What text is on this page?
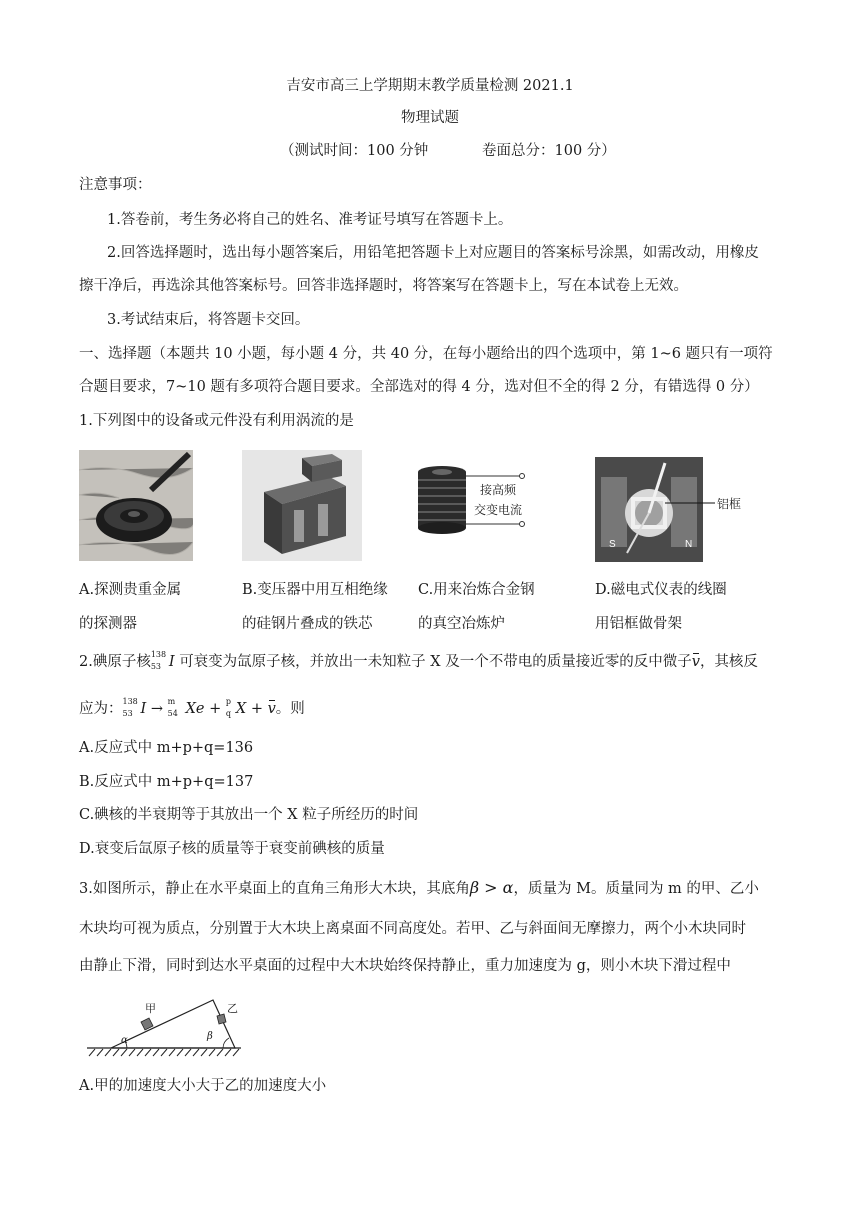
吉安市高三上学期期末教学质量检测 2021.1
物理试题
（测试时间：100 分钟	卷面总分：100 分）
注意事项：
1.答卷前，考生务必将自己的姓名、准考证号填写在答题卡上。
2.回答选择题时，选出每小题答案后，用铅笔把答题卡上对应题目的答案标号涂黑，如需改动，用橡皮
擦干净后，再选涂其他答案标号。回答非选择题时，将答案写在答题卡上，写在本试卷上无效。
3.考试结束后，将答题卡交回。
一、选择题（本题共 10 小题，每小题 4 分，共 40 分，在每小题给出的四个选项中，第 1~6 题只有一项符
合题目要求，7~10 题有多项符合题目要求。全部选对的得 4 分，选对但不全的得 2 分，有错选得 0 分）
1.下列图中的设备或元件没有利用涡流的是
接高频
交变电流
S	N
铝框
A.探测贵重金属
的探测器
B.变压器中用互相绝缘
的硅钢片叠成的铁芯
C.用来冶炼合金钢
的真空冶炼炉
D.磁电式仪表的线圈
用铝框做骨架
2.碘原子核 138
53 I 可衰变为氙原子核，并放出一未知粒子 X 及一个不带电的质量接近零的反中微子v，其核反
应为： 138
53 I → m
54 Xe + p
q X + v。则
A.反应式中 m+p+q=136
B.反应式中 m+p+q=137
C.碘核的半衰期等于其放出一个 X 粒子所经历的时间
D.衰变后氙原子核的质量等于衰变前碘核的质量
3.如图所示，静止在水平桌面上的直角三角形大木块，其底角β > α，质量为 M。质量同为 m 的甲、乙小
木块均可视为质点，分别置于大木块上离桌面不同高度处。若甲、乙与斜面间无摩擦力，两个小木块同时
由静止下滑，同时到达水平桌面的过程中大木块始终保持静止，重力加速度为 g，则小木块下滑过程中
甲	乙
α	β
A.甲的加速度大小大于乙的加速度大小
